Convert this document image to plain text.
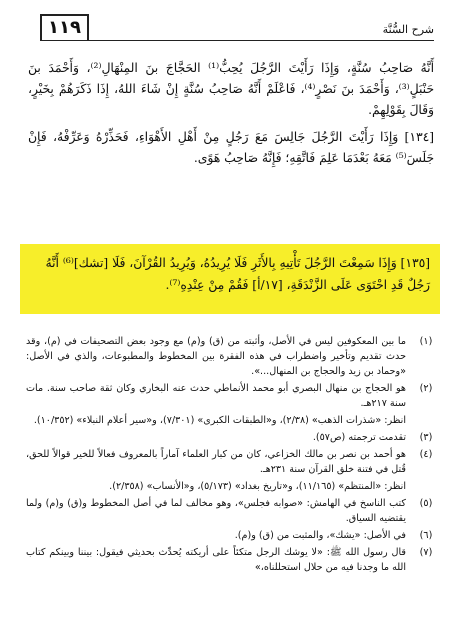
١١٩	شرح السُّنَّة

أَنَّهُ صَاحِبُ سُنَّةٍ، وَإِذَا رَأَيْتَ الرَّجُلَ يُحِبُّ⁽¹⁾ الحَجَّاجَ بنَ المِنْهَالِ⁽²⁾، وَأَحْمَدَ بنَ حَنْبَلٍ⁽³⁾، وَأَحْمَدَ بنَ نَصْرٍ⁽⁴⁾، فَاعْلَمْ أَنَّهُ صَاحِبُ سُنَّةٍ إِنْ شَاءَ اللهُ، إِذَا ذَكَرَهُمْ بِخَيْرٍ، وَقَالَ بِقَوْلِهِمْ.

[١٣٤] وَإِذَا رَأَيْتَ الرَّجُلَ جَالِسَ مَعَ رَجُلٍ مِنْ أَهْلِ الأَهْوَاءِ، فَحَذِّرْهُ وَعَرِّفْهُ، فَإِنْ جَلَسَ⁽⁵⁾ مَعَهُ بَعْدَمَا عَلِمَ فَاتَّقِهِ؛ فَإِنَّهُ صَاحِبُ هَوًى.

[١٣٥] وَإِذَا سَمِعْتَ الرَّجُلَ تَأْتِيهِ بِالأَثَرِ فَلَا يُرِيدُهُ، وَيُرِيدُ القُرْآنَ، فَلَا [تشك]⁽⁶⁾ أَنَّهُ رَجُلٌ قَدِ احْتَوَى عَلَى الزَّنْدَقَةِ، [١٧/أ] فَقُمْ مِنْ عِنْدِهِ⁽⁷⁾.

(١)
ما بين المعكوفين ليس في الأصل، وأثبته من (ق) و(م) مع وجود بعض التصحيفات في (م)، وقد حدث تقديم وتأخير واضطراب في هذه الفقرة بين المخطوط والمطبوعات، والذي في الأصل: «وحماد بن زيد والحجاج بن المنهال...».
(٢)
هو الحجاج بن منهال البصري أبو محمد الأنماطي حدث عنه البخاري وكان ثقة صاحب سنة. مات سنة ٢١٧هـ.
انظر: «شذرات الذهب» (٢/٣٨)، و«الطبقات الكبرى» (٧/٣٠١)، و«سير أعلام النبلاء» (١٠/٣٥٢).
(٣)
تقدمت ترجمته (ص٥٧).
(٤)
هو أحمد بن نصر بن مالك الخزاعي، كان من كبار العلماء آماراً بالمعروف فعالاً للخير قوالاً للحق، قُتل في فتنة خلق القرآن سنة ٢٣١هـ.
انظر: «المنتظم» (١١/١٦٥)، و«تاريخ بغداد» (٥/١٧٣)، و«الأنساب» (٢/٣٥٨).
(٥)
كتب الناسخ في الهامش: «صوابه فجلس»، وهو مخالف لما في أصل المخطوط و(ق) و(م) ولما يقتضيه السياق.
(٦)
في الأصل: «يشك»، والمثبت من (ق) و(م).
(٧)
قال رسول الله ﷺ: «لا يوشك الرجل متكئاً على أريكته يُحدِّث بحديثي فيقول: بيننا وبينكم كتاب الله ما وجدنا فيه من حلال استحللناه،»
